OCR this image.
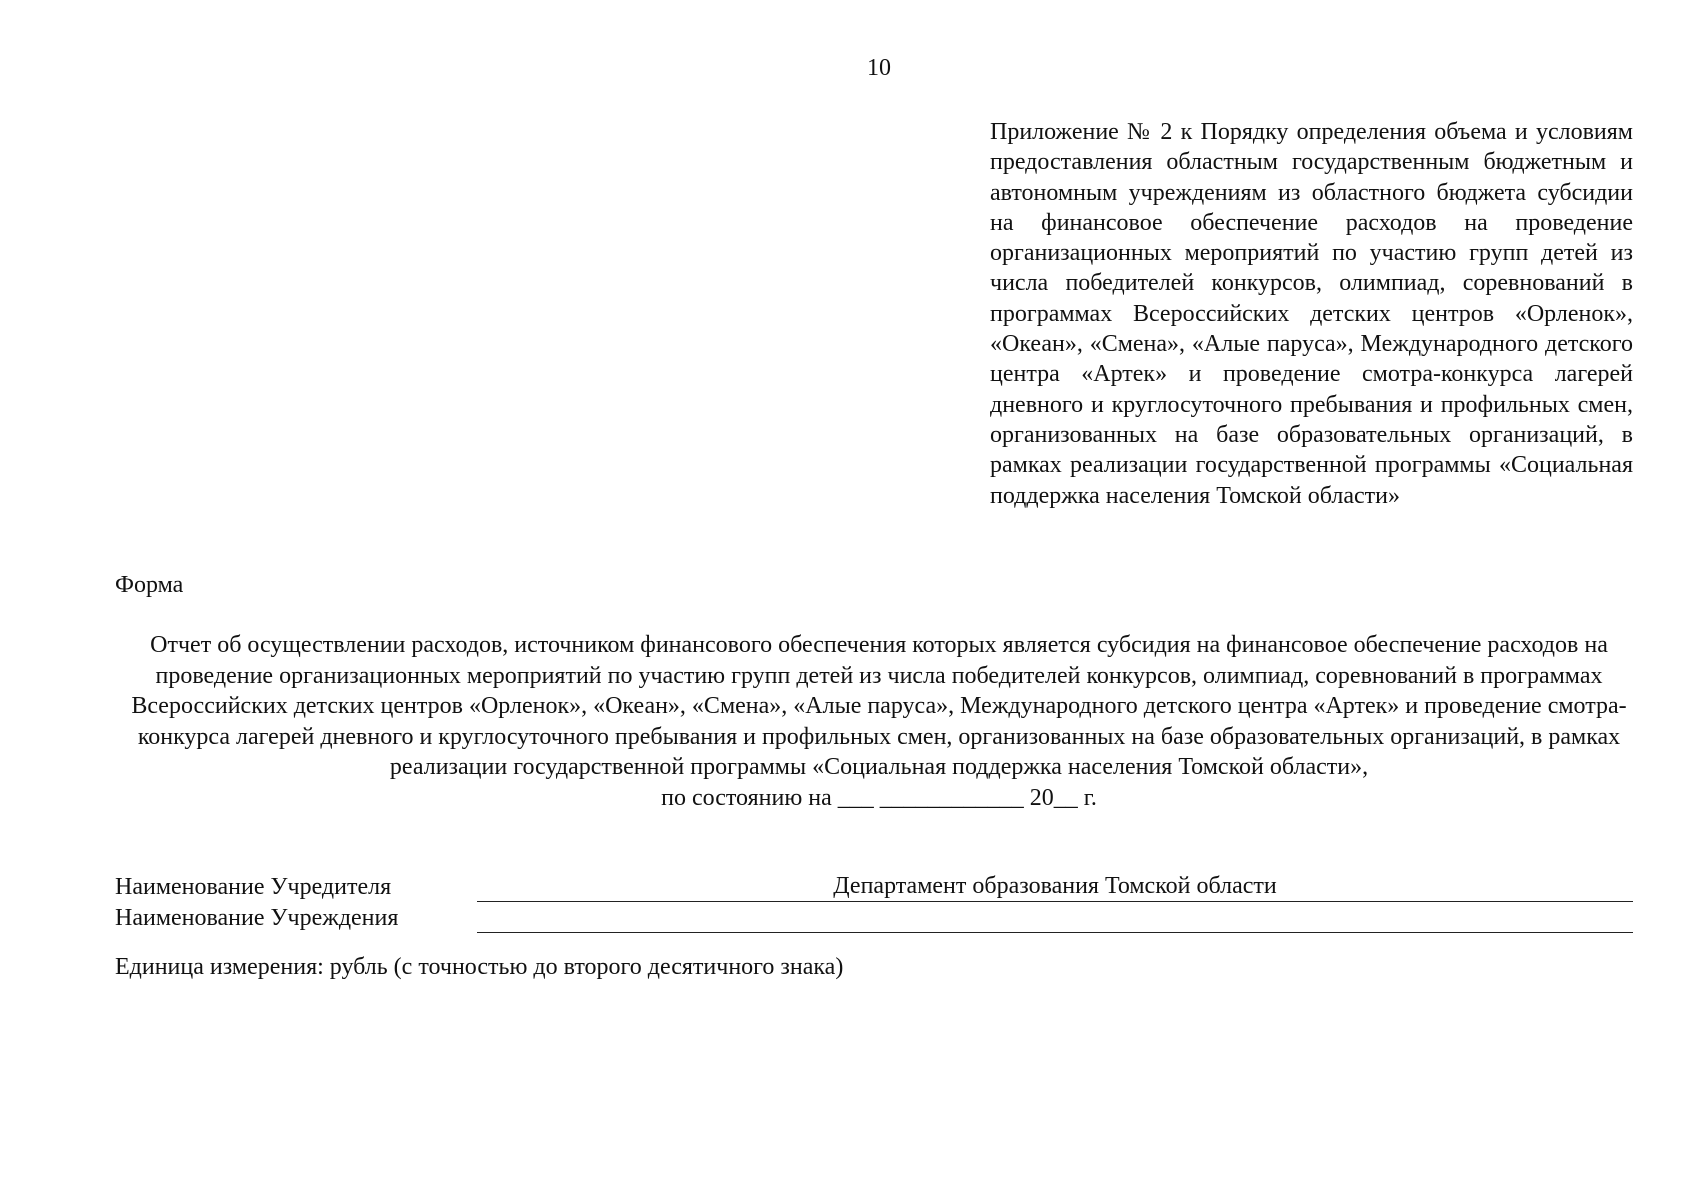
10
Приложение № 2 к Порядку определения объема и условиям предоставления областным государственным бюджетным и автономным учреждениям из областного бюджета субсидии на финансовое обеспечение расходов на проведение организационных мероприятий по участию групп детей из числа победителей конкурсов, олимпиад, соревнований в программах Всероссийских детских центров «Орленок», «Океан», «Смена», «Алые паруса», Международного детского центра «Артек» и проведение смотра-конкурса лагерей дневного и круглосуточного пребывания и профильных смен, организованных на базе образовательных организаций, в рамках реализации государственной программы «Социальная поддержка населения Томской области»
Форма
Отчет об осуществлении расходов, источником финансового обеспечения которых является субсидия на финансовое обеспечение расходов на проведение организационных мероприятий по участию групп детей из числа победителей конкурсов, олимпиад, соревнований в программах Всероссийских детских центров «Орленок», «Океан», «Смена», «Алые паруса», Международного детского центра «Артек» и проведение смотра-конкурса лагерей дневного и круглосуточного пребывания и профильных смен, организованных на базе образовательных организаций, в рамках реализации государственной программы «Социальная поддержка населения Томской области»,
по состоянию на ___ ____________ 20__ г.
Наименование Учредителя	Департамент образования Томской области
Наименование Учреждения
Единица измерения: рубль (с точностью до второго десятичного знака)
